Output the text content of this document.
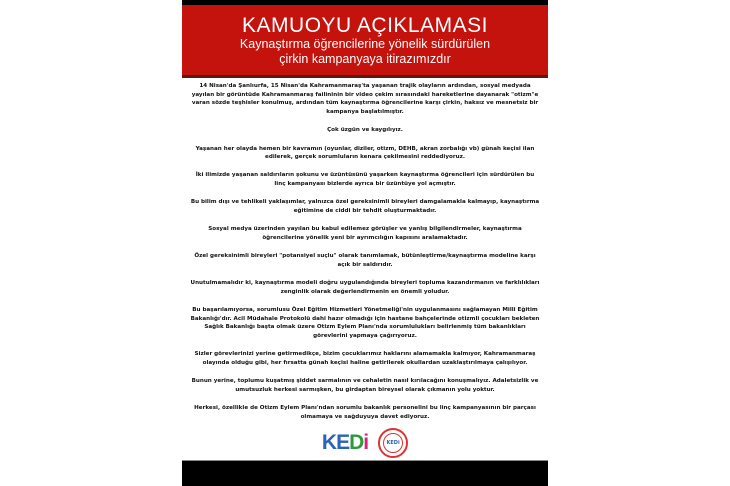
KAMUOYU AÇIKLAMASI
Kaynaştırma öğrencilerine yönelik sürdürülen
çirkin kampanyaya itirazımızdır

14 Nisan'da Şanlıurfa, 15 Nisan'da Kahramanmaraş'ta yaşanan trajik olayların ardından, sosyal medyada yayılan bir görüntüde Kahramanmaraş failininin bir video çekim sırasındaki hareketlerine dayanarak "otizm"e varan sözde teşhisler konulmuş, ardından tüm kaynaştırma öğrencilerine karşı çirkin, haksız ve mesnetsiz bir kampanya başlatılmıştır.

Çok üzgün ve kaygılıyız.

Yaşanan her olayda hemen bir kavramın (oyunlar, diziler, otizm, DEHB, akran zorbalığı vb) günah keçisi ilan edilerek, gerçek sorumluların kenara çekilmesini reddediyoruz.

İki ilimizde yaşanan saldırıların şokunu ve üzüntüsünü yaşarken kaynaştırma öğrencileri için sürdürülen bu linç kampanyası bizlerde ayrıca bir üzüntüye yol açmıştır.

Bu bilim dışı ve tehlikeli yaklaşımlar, yalnızca özel gereksinimli bireyleri damgalamakla kalmayıp, kaynaştırma eğitimine de ciddi bir tehdit oluşturmaktadır.

Sosyal medya üzerinden yayılan bu kabul edilemez görüşler ve yanlış bilgilendirmeler, kaynaştırma öğrencilerine yönelik yeni bir ayrımcılığın kapısını aralamaktadır.

Özel gereksinimli bireyleri "potansiyel suçlu" olarak tanımlamak, bütünleştirme/kaynaştırma modeline karşı açık bir saldırıdır.

Unutulmamalıdır ki, kaynaştırma modeli doğru uygulandığında bireyleri topluma kazandırmanın ve farklılıkları zenginlik olarak değerlendirmenin en önemli yoludur.

Bu başarılamıyorsa, sorumlusu Özel Eğitim Hizmetleri Yönetmeliği'nin uygulanmasını sağlamayan Milli Eğitim Bakanlığı'dır. Acil Müdahale Protokolü dahi hazır olmadığı için hastane bahçelerinde otizmli çocukları bekleten Sağlık Bakanlığı başta olmak üzere Otizm Eylem Planı'nda sorumlulukları belirlenmiş tüm bakanlıkları görevlerini yapmaya çağırıyoruz.

Sizler görevlerinizi yerine getirmedikçe, bizim çocuklarımız haklarını alamamakla kalmıyor, Kahramanmaraş olayında olduğu gibi, her fırsatta günah keçisi haline getirilerek okullardan uzaklaştırılmaya çalışılıyor.

Bunun yerine, toplumu kuşatmış şiddet sarmalının ve cehaletin nasıl kırılacağını konuşmalıyız. Adaletsizlik ve umutsuzluk herkesi sarmışken, bu girdaptan bireysel olarak çıkmanın yolu yoktur.

Herkesi, özellikle de Otizm Eylem Planı'ndan sorumlu bakanlık personelini bu linç kampanyasının bir parçası olmamaya ve sağduyuya davet ediyoruz.

KEDi	KEDi
